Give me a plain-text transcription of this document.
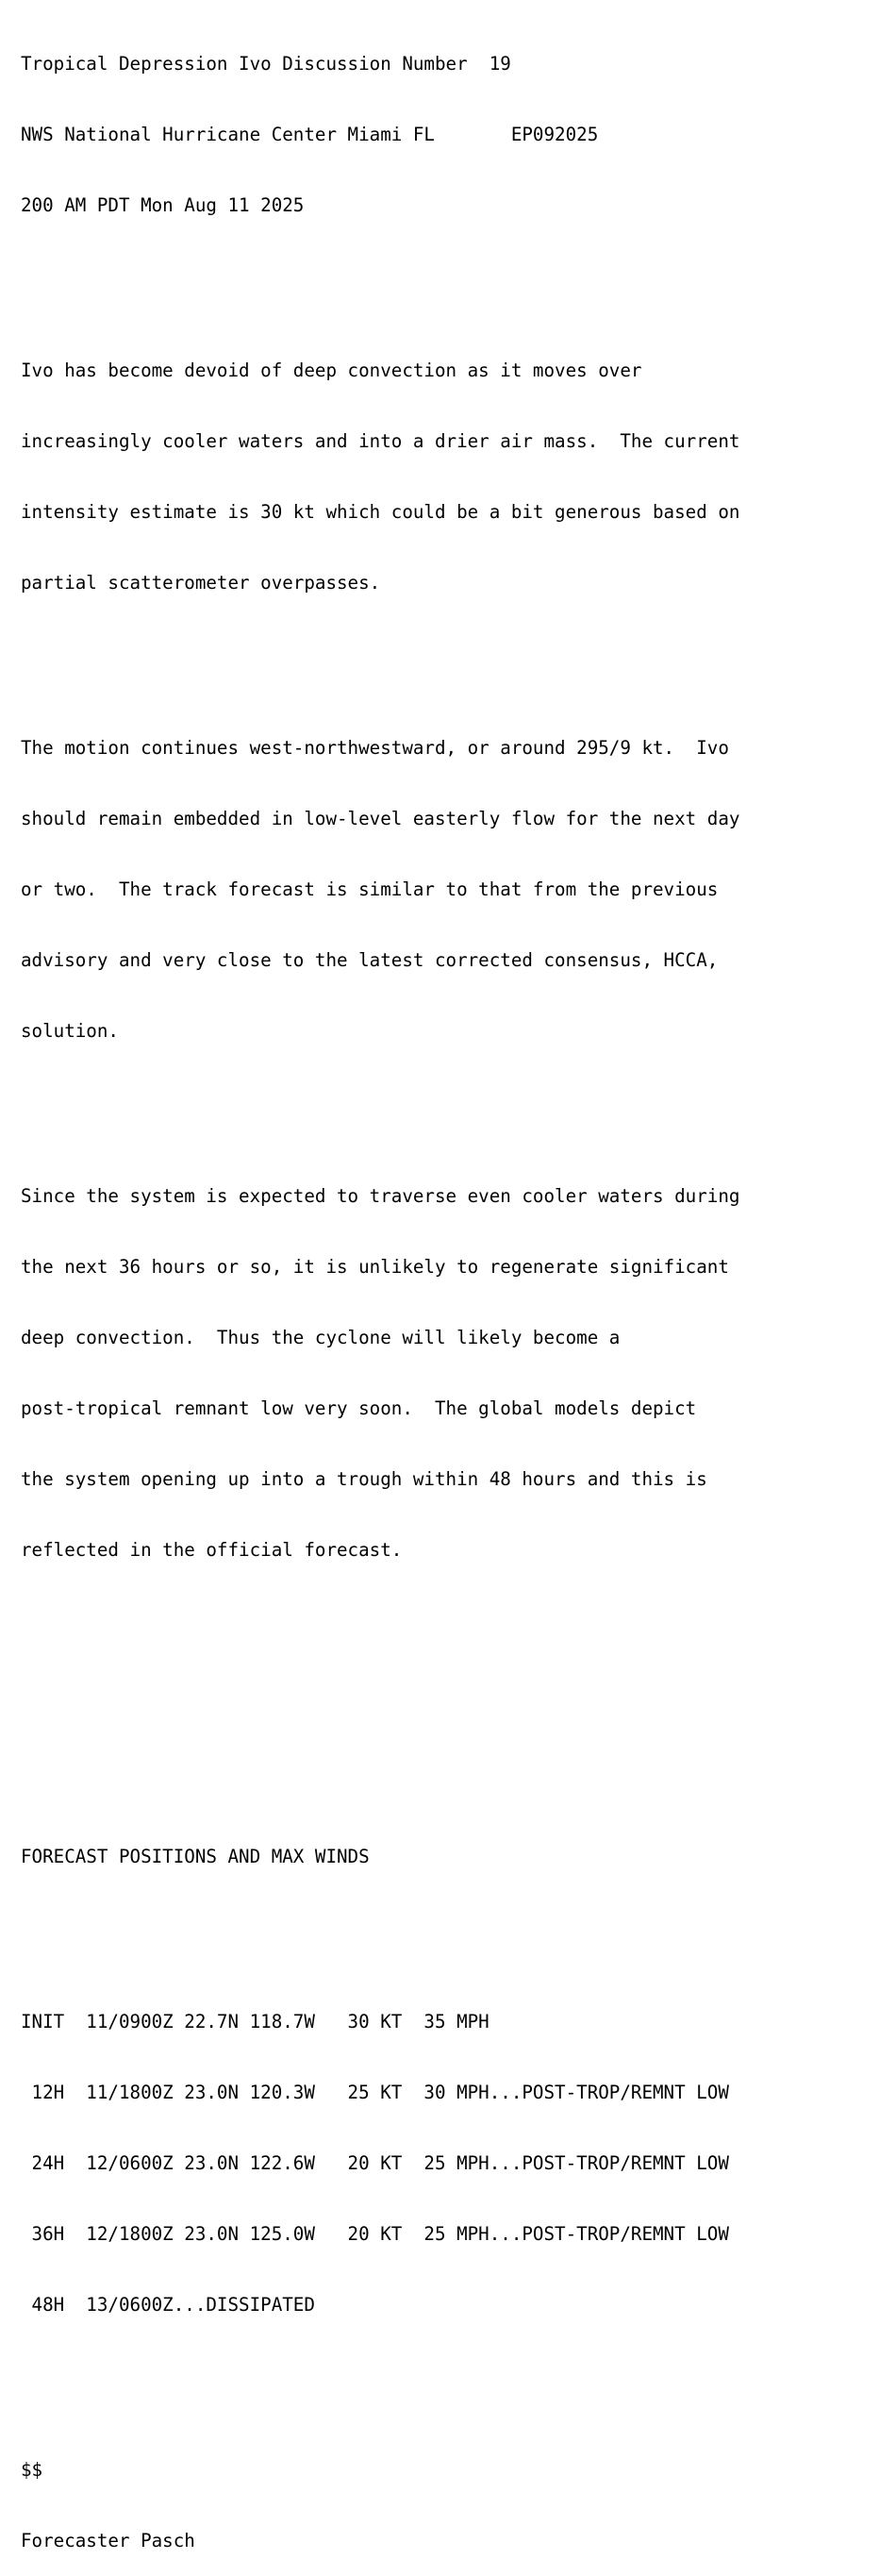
Tropical Depression Ivo Discussion Number  19

NWS National Hurricane Center Miami FL       EP092025

200 AM PDT Mon Aug 11 2025

Ivo has become devoid of deep convection as it moves over

increasingly cooler waters and into a drier air mass.  The current

intensity estimate is 30 kt which could be a bit generous based on

partial scatterometer overpasses.

The motion continues west-northwestward, or around 295/9 kt.  Ivo

should remain embedded in low-level easterly flow for the next day

or two.  The track forecast is similar to that from the previous

advisory and very close to the latest corrected consensus, HCCA,

solution.

Since the system is expected to traverse even cooler waters during

the next 36 hours or so, it is unlikely to regenerate significant

deep convection.  Thus the cyclone will likely become a

post-tropical remnant low very soon.  The global models depict

the system opening up into a trough within 48 hours and this is

reflected in the official forecast.

FORECAST POSITIONS AND MAX WINDS

INIT  11/0900Z 22.7N 118.7W   30 KT  35 MPH

12H  11/1800Z 23.0N 120.3W   25 KT  30 MPH...POST-TROP/REMNT LOW

24H  12/0600Z 23.0N 122.6W   20 KT  25 MPH...POST-TROP/REMNT LOW

36H  12/1800Z 23.0N 125.0W   20 KT  25 MPH...POST-TROP/REMNT LOW

48H  13/0600Z...DISSIPATED

$$

Forecaster Pasch
